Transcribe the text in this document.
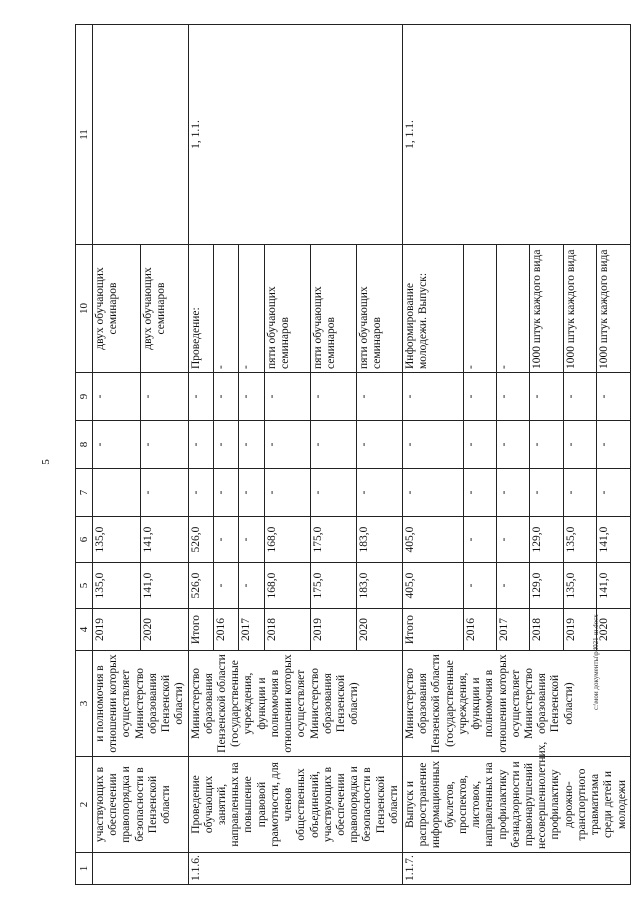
5
c:\мои документы\pd021-ш.docx
1	2	3	4	5	6	7	8	9	10	11
	участвующих в обеспечении правопорядка и безопасности в Пензенской области	и полномочия в отношении которых осуществляет Министерство образования Пензенской области)	2019	135,0	135,0		-	-	двух обучающих семинаров	
			2020	141,0	141,0	-	-	-	двух обучающих семинаров	
1.1.6.	Проведение обучающих занятий, направленных на повышение правовой грамотности, для членов общественных объединений, участвующих в обеспечении правопорядка и безопасности в Пензенской области	Министерство образования Пензенской области (государственные учреждения, функции и полномочия в отношении которых осуществляет Министерство образования Пензенской области)	Итого	526,0	526,0	-	-	-	Проведение:	1, 1.1.
			2016	-	-	-	-	-	-	
			2017	-	-	-	-	-	-	
			2018	168,0	168,0	-	-	-	пяти обучающих семинаров	
			2019	175,0	175,0	-	-	-	пяти обучающих семинаров	
			2020	183,0	183,0	-	-	-	пяти обучающих семинаров	
1.1.7.	Выпуск и распространение информационных буклетов, проспектов, листовок, направленных на профилактику безнадзорности и правонарушений несовершеннолетних, профилактику дорожно-транспортного травматизма среди детей и молодежи	Министерство образования Пензенской области (государственные учреждения, функции и полномочия в отношении которых осуществляет Министерство образования Пензенской области)	Итого	405,0	405,0	-	-	-	Информирование молодежи. Выпуск:	1, 1.1.
			2016	-	-	-	-	-	-	
			2017	-	-	-	-	-	-	
			2018	129,0	129,0	-	-	-	1000 штук каждого вида	
			2019	135,0	135,0	-	-	-	1000 штук каждого вида	
			2020	141,0	141,0	-	-	-	1000 штук каждого вида	
